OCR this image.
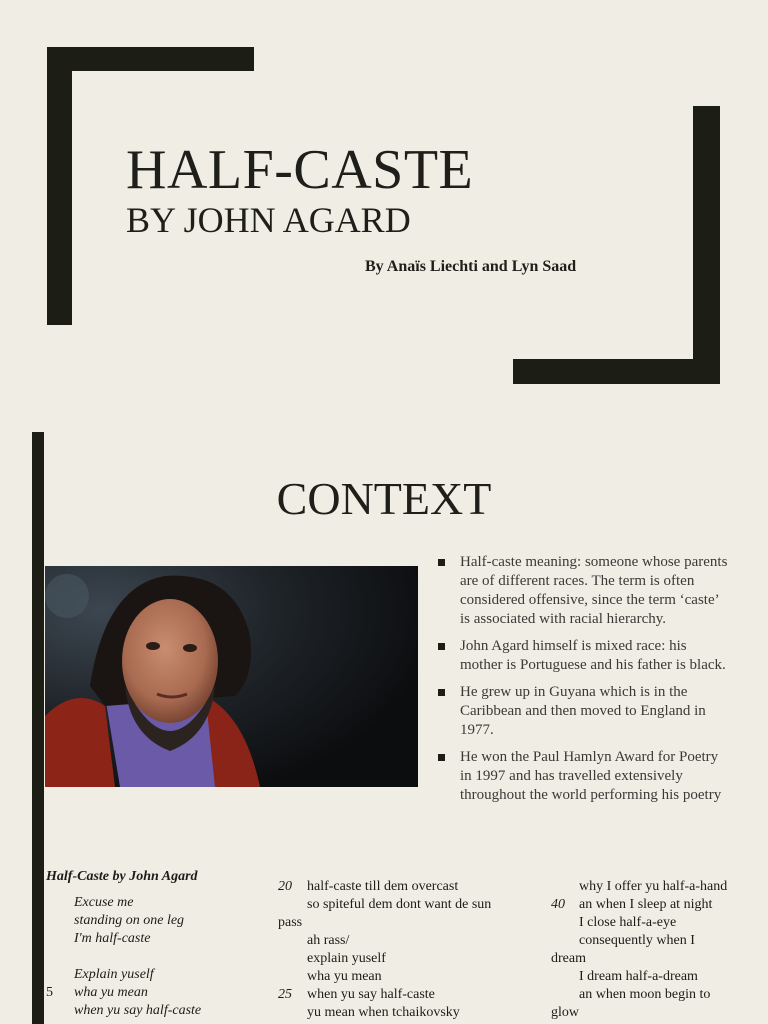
HALF-CASTE
BY JOHN AGARD
By Anaïs Liechti and Lyn Saad
CONTEXT
Half-caste meaning: someone whose parents are of different races. The term is often considered offensive, since the term ‘caste’ is associated with racial hierarchy.
John Agard himself is mixed race: his mother is Portuguese and his father is black.
He grew up in Guyana which is in the Caribbean and then moved to England in 1977.
He won the Paul Hamlyn Award for Poetry in 1997 and has travelled extensively throughout the world performing his poetry
Half-Caste by John Agard
Excuse me
standing on one leg
I'm half-caste

Explain yuself
5 wha yu mean
when yu say half-caste
20 half-caste till dem overcast
so spiteful dem dont want de sun
pass
ah rass/
explain yuself
wha yu mean
25 when yu say half-caste
yu mean when tchaikovsky
why I offer yu half-a-hand
40 an when I sleep at night
I close half-a-eye
consequently when I
dream
I dream half-a-dream
an when moon begin to
glow
